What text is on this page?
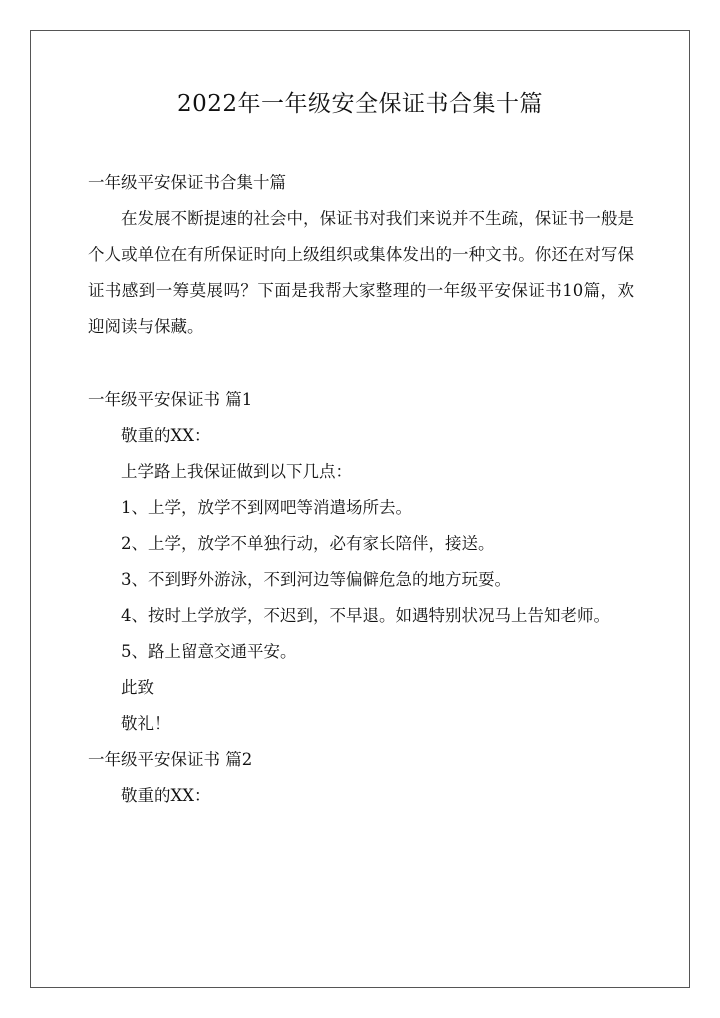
2022年一年级安全保证书合集十篇

一年级平安保证书合集十篇

在发展不断提速的社会中，保证书对我们来说并不生疏，保证书一般是个人或单位在有所保证时向上级组织或集体发出的一种文书。你还在对写保证书感到一筹莫展吗？下面是我帮大家整理的一年级平安保证书10篇，欢迎阅读与保藏。

一年级平安保证书 篇1

敬重的XX：

上学路上我保证做到以下几点：

1、上学，放学不到网吧等消遣场所去。

2、上学，放学不单独行动，必有家长陪伴，接送。

3、不到野外游泳，不到河边等偏僻危急的地方玩耍。

4、按时上学放学，不迟到，不早退。如遇特别状况马上告知老师。

5、路上留意交通平安。

此致

敬礼！

一年级平安保证书 篇2

敬重的XX：
